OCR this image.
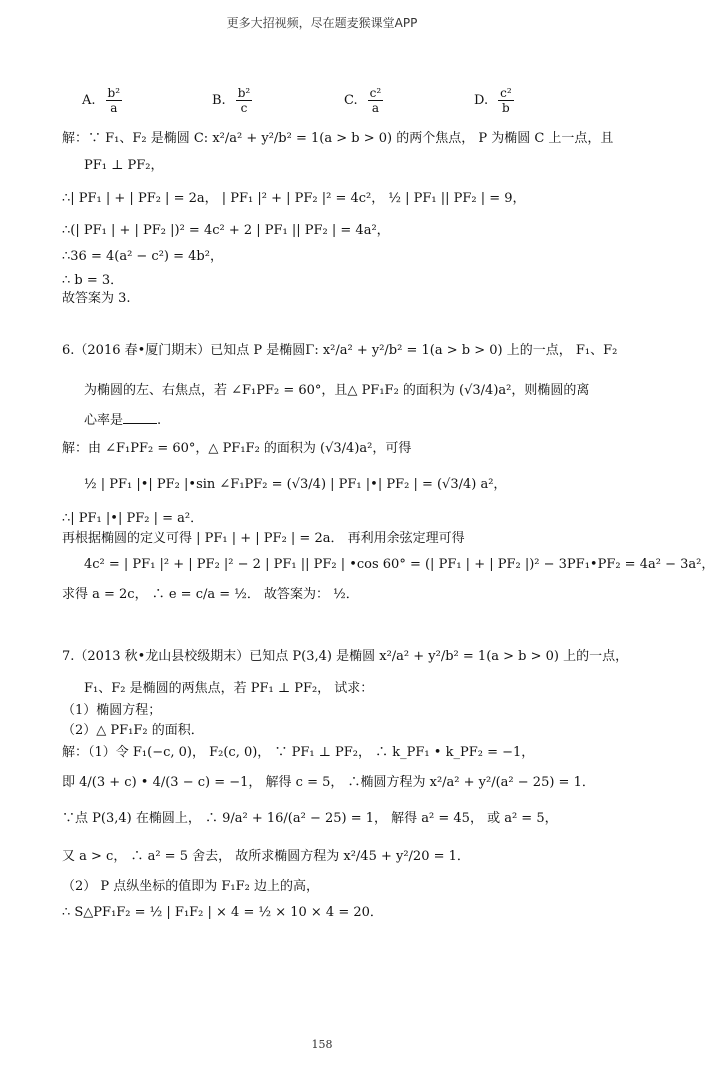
更多大招视频，尽在题麦猴课堂APP
A. $\frac{\text{b²}}{a}$	B. $\frac{\text{b²}}{c}$	C. $\frac{\text{c²}}{a}$	D. $\frac{\text{c²}}{b}$
解：∵ F₁、F₂ 是椭圆 C: x²/a² + y²/b² = 1(a > b > 0) 的两个焦点， P 为椭圆 C 上一点，且
PF₁ ⊥ PF₂，
∴| PF₁ | + | PF₂ | = 2a， | PF₁ |² + | PF₂ |² = 4c²， ½ | PF₁ || PF₂ | = 9，
∴(| PF₁ | + | PF₂ |)² = 4c² + 2 | PF₁ || PF₂ | = 4a²，
∴36 = 4(a² − c²) = 4b²，
∴ b = 3．
故答案为 3.
6.（2016 春•厦门期末）已知点 P 是椭圆Γ: x²/a² + y²/b² = 1(a > b > 0) 上的一点， F₁、F₂
为椭圆的左、右焦点，若 ∠F₁PF₂ = 60°，且△ PF₁F₂ 的面积为 (√3/4)a²，则椭圆的离
心率是	.
解：由 ∠F₁PF₂ = 60°，△ PF₁F₂ 的面积为 (√3/4)a²，可得
½ | PF₁ |•| PF₂ |•sin ∠F₁PF₂ = (√3/4) | PF₁ |•| PF₂ | = (√3/4) a²，
∴| PF₁ |•| PF₂ | = a²．
再根据椭圆的定义可得 | PF₁ | + | PF₂ | = 2a． 再利用余弦定理可得
4c² = | PF₁ |² + | PF₂ |² − 2 | PF₁ || PF₂ | •cos 60° = (| PF₁ | + | PF₂ |)² − 3PF₁•PF₂ = 4a² − 3a²，
求得 a = 2c， ∴ e = c/a = ½． 故答案为： ½．
7.（2013 秋•龙山县校级期末）已知点 P(3,4) 是椭圆 x²/a² + y²/b² = 1(a > b > 0) 上的一点，
F₁、F₂ 是椭圆的两焦点，若 PF₁ ⊥ PF₂， 试求：
（1）椭圆方程；
（2）△ PF₁F₂ 的面积．
解：（1）令 F₁(−c, 0)， F₂(c, 0)， ∵ PF₁ ⊥ PF₂， ∴ k_PF₁ • k_PF₂ = −1，
即 4/(3 + c) • 4/(3 − c) = −1， 解得 c = 5， ∴椭圆方程为 x²/a² + y²/(a² − 25) = 1．
∵点 P(3,4) 在椭圆上， ∴ 9/a² + 16/(a² − 25) = 1， 解得 a² = 45， 或 a² = 5，
又 a > c， ∴ a² = 5 舍去， 故所求椭圆方程为 x²/45 + y²/20 = 1．
（2） P 点纵坐标的值即为 F₁F₂ 边上的高，
∴ S△PF₁F₂ = ½ | F₁F₂ | × 4 = ½ × 10 × 4 = 20．
158
